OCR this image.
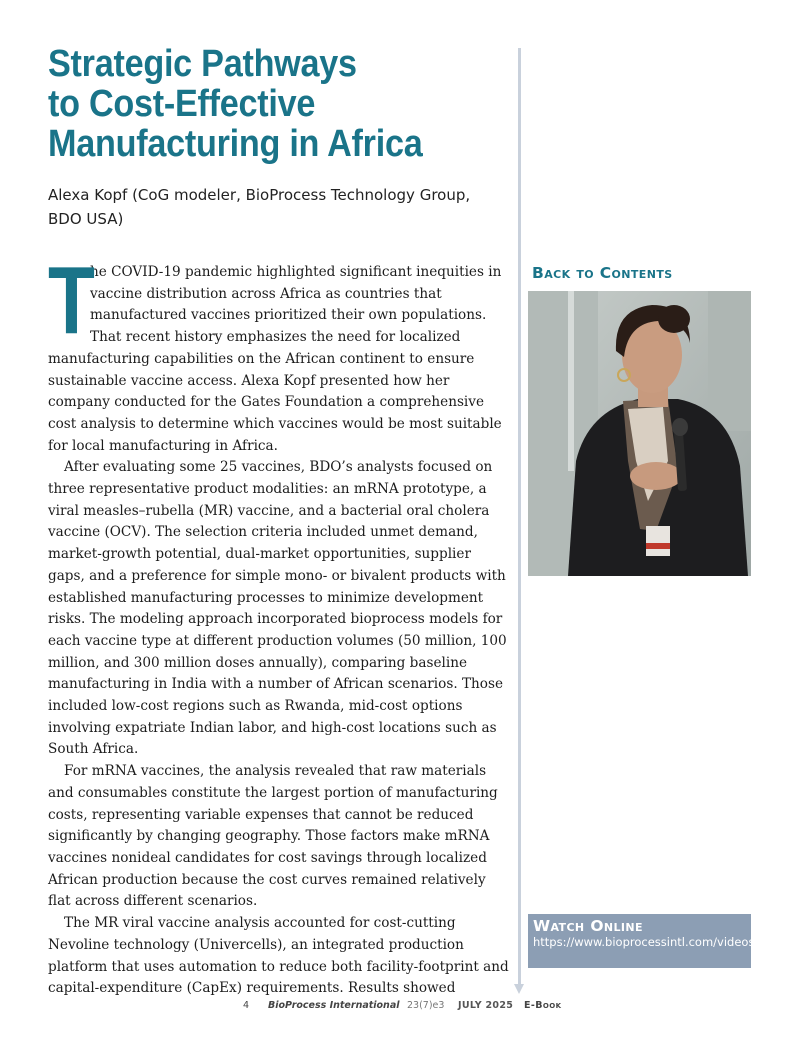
Strategic Pathways
to Cost-Effective
Manufacturing in Africa
Alexa Kopf (CoG modeler, BioProcess Technology Group, BDO USA)

T
he COVID-19 pandemic highlighted significant inequities in vaccine distribution across Africa as countries that manufactured vaccines prioritized their own populations. That recent history emphasizes the need for localized manufacturing capabilities on the African continent to ensure sustainable vaccine access. Alexa Kopf presented how her company conducted for the Gates Foundation a comprehensive cost analysis to determine which vaccines would be most suitable for local manufacturing in Africa.

After evaluating some 25 vaccines, BDO’s analysts focused on three representative product modalities: an mRNA prototype, a viral measles–rubella (MR) vaccine, and a bacterial oral cholera vaccine (OCV). The selection criteria included unmet demand, market-growth potential, dual-market opportunities, supplier gaps, and a preference for simple mono- or bivalent products with established manufacturing processes to minimize development risks. The modeling approach incorporated bioprocess models for each vaccine type at different production volumes (50 million, 100 million, and 300 million doses annually), comparing baseline manufacturing in India with a number of African scenarios. Those included low-cost regions such as Rwanda, mid-cost options involving expatriate Indian labor, and high-cost locations such as South Africa.

For mRNA vaccines, the analysis revealed that raw materials and consumables constitute the largest portion of manufacturing costs, representing variable expenses that cannot be reduced significantly by changing geography. Those factors make mRNA vaccines nonideal candidates for cost savings through localized African production because the cost curves remained relatively flat across different scenarios.

The MR viral vaccine analysis accounted for cost-cutting Nevoline technology (Univercells), an integrated production platform that uses automation to reduce both facility-footprint and capital-expenditure (CapEx) requirements. Results showed

Back to Contents
Watch Online
https://www.bioprocessintl.com/videos
4 BioProcess International 23(7)e3 JULY 2025 E-Book
